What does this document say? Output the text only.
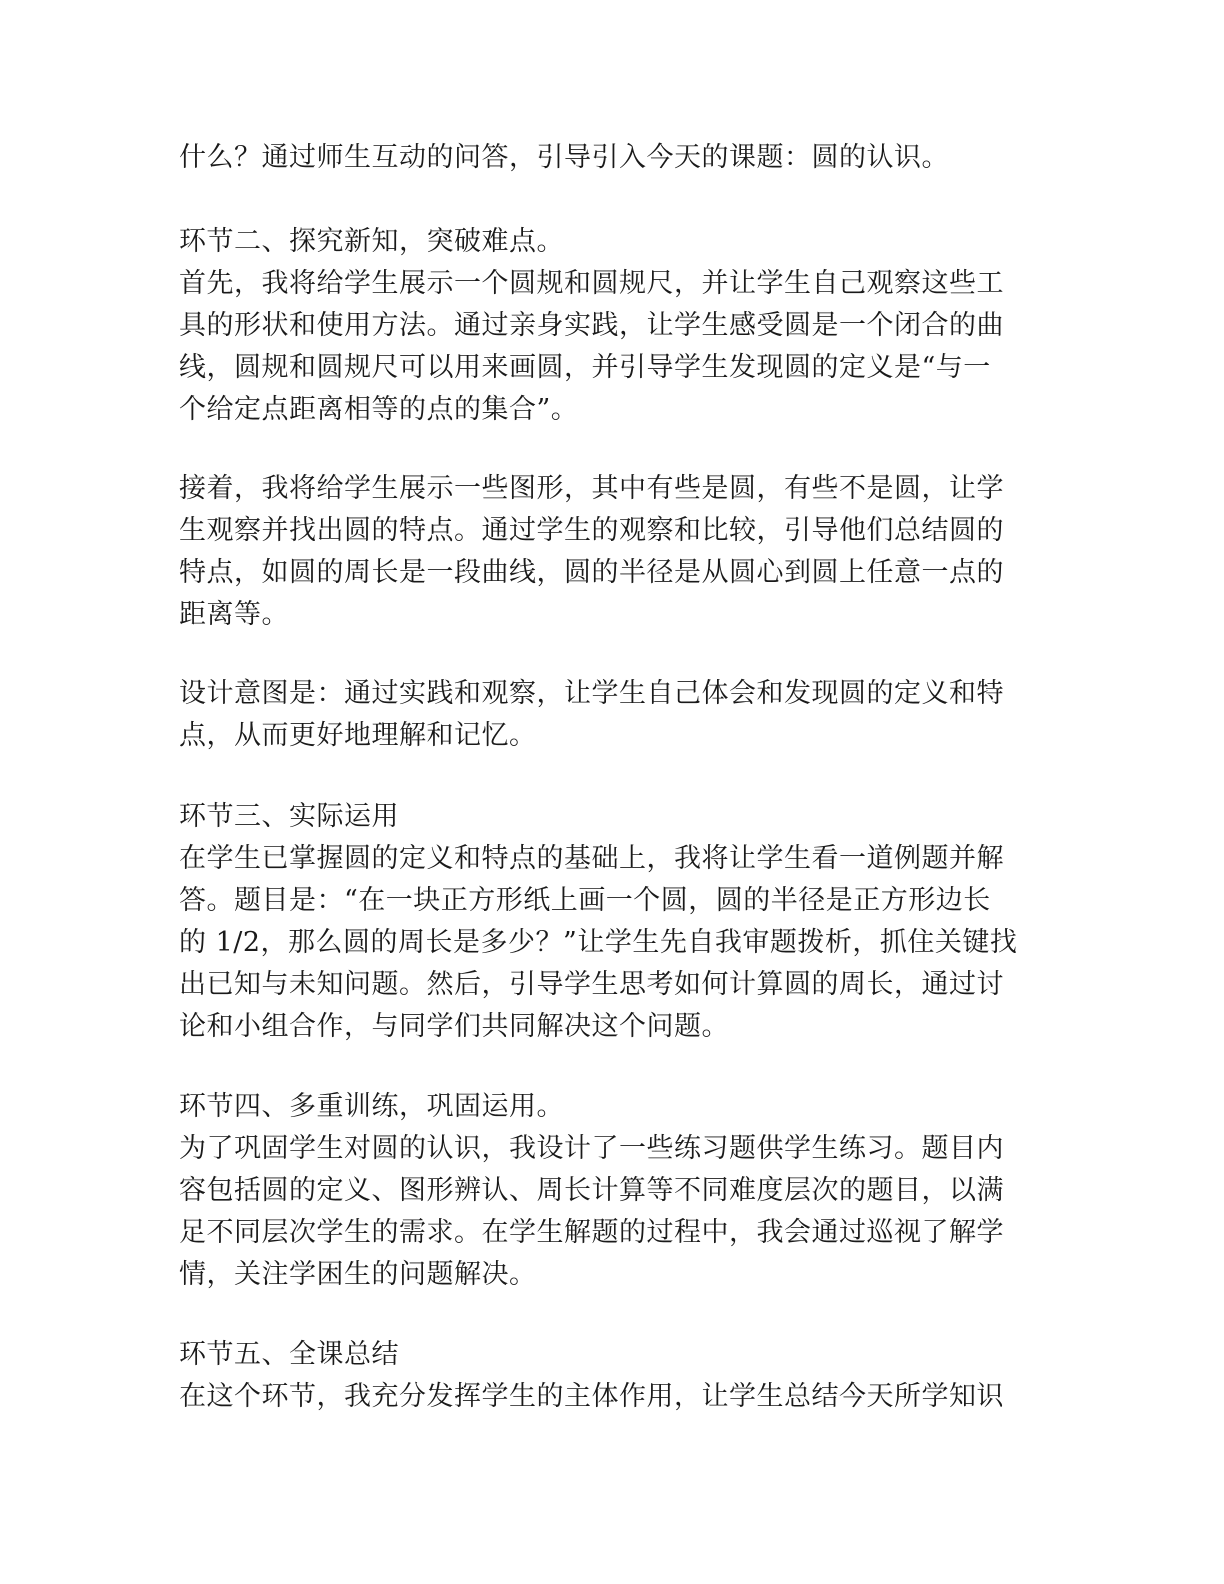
什么？通过师生互动的问答，引导引入今天的课题：圆的认识。
环节二、探究新知，突破难点。
首先，我将给学生展示一个圆规和圆规尺，并让学生自己观察这些工
具的形状和使用方法。通过亲身实践，让学生感受圆是一个闭合的曲
线，圆规和圆规尺可以用来画圆，并引导学生发现圆的定义是“与一
个给定点距离相等的点的集合”。
接着，我将给学生展示一些图形，其中有些是圆，有些不是圆，让学
生观察并找出圆的特点。通过学生的观察和比较，引导他们总结圆的
特点，如圆的周长是一段曲线，圆的半径是从圆心到圆上任意一点的
距离等。
设计意图是：通过实践和观察，让学生自己体会和发现圆的定义和特
点，从而更好地理解和记忆。
环节三、实际运用
在学生已掌握圆的定义和特点的基础上，我将让学生看一道例题并解
答。题目是：“在一块正方形纸上画一个圆，圆的半径是正方形边长
的 1/2，那么圆的周长是多少？”让学生先自我审题拨析，抓住关键找
出已知与未知问题。然后，引导学生思考如何计算圆的周长，通过讨
论和小组合作，与同学们共同解决这个问题。
环节四、多重训练，巩固运用。
为了巩固学生对圆的认识，我设计了一些练习题供学生练习。题目内
容包括圆的定义、图形辨认、周长计算等不同难度层次的题目，以满
足不同层次学生的需求。在学生解题的过程中，我会通过巡视了解学
情，关注学困生的问题解决。
环节五、全课总结
在这个环节，我充分发挥学生的主体作用，让学生总结今天所学知识
